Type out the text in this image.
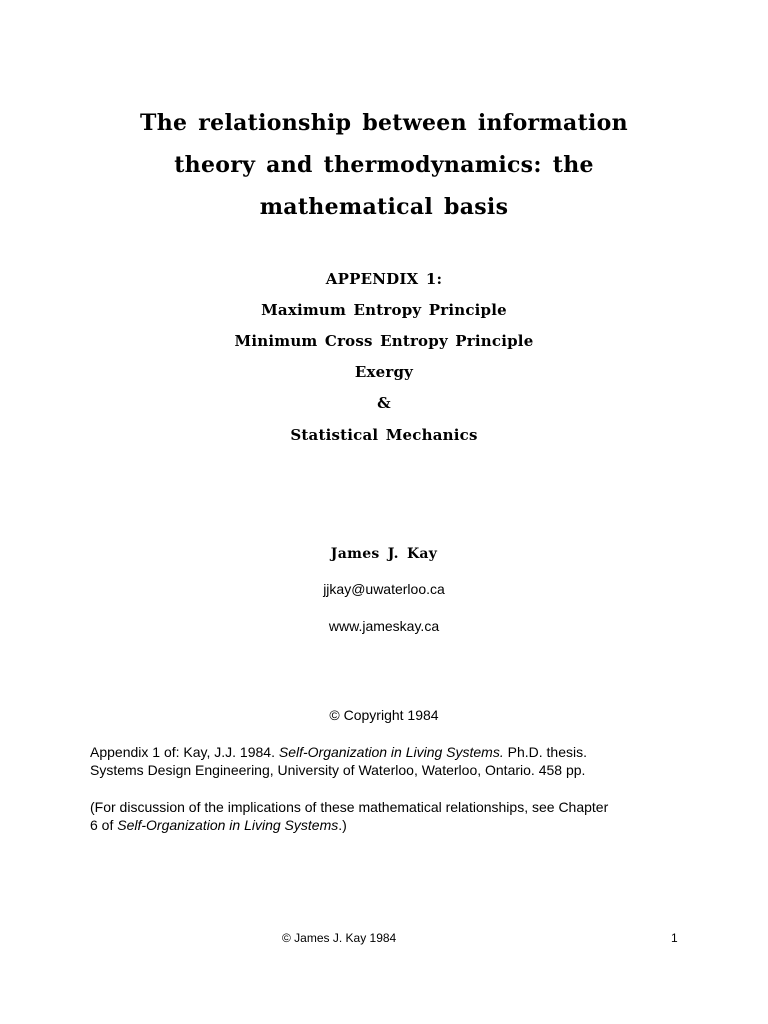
The relationship between information
theory and thermodynamics: the
mathematical basis
APPENDIX 1:
Maximum Entropy Principle
Minimum Cross Entropy Principle
Exergy
&
Statistical Mechanics
James J. Kay
jjkay@uwaterloo.ca
www.jameskay.ca
© Copyright 1984

Appendix 1 of: Kay, J.J. 1984. Self-Organization in Living Systems. Ph.D. thesis.

Systems Design Engineering, University of Waterloo, Waterloo, Ontario. 458 pp.

(For discussion of the implications of these mathematical relationships, see Chapter

6 of Self-Organization in Living Systems.)

© James J. Kay 1984	1
